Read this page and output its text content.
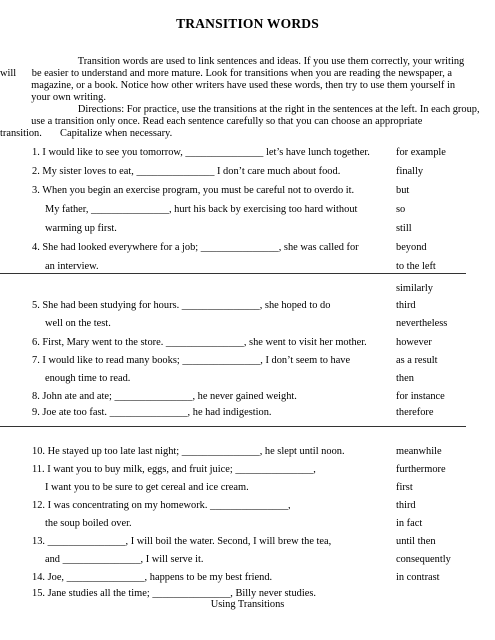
TRANSITION WORDS
Transition words are used to link sentences and ideas. If you use them correctly, your writing
will      be easier to understand and more mature. Look for transitions when you are reading the newspaper, a
magazine, or a book. Notice how other writers have used these words, then try to use them yourself in
your own writing.
Directions: For practice, use the transitions at the right in the sentences at the left. In each group,
use a transition only once. Read each sentence carefully so that you can choose an appropriate
transition.       Capitalize when necessary.
1. I would like to see you tomorrow, _______________ let’s have lunch together.
2. My sister loves to eat, _______________ I don’t care much about food.
3. When you begin an exercise program, you must be careful not to overdo it.
My father, _______________, hurt his back by exercising too hard without
warming up first.
4. She had looked everywhere for a job; _______________, she was called for
an interview.
for example
finally
but
so
still
beyond
to the left
5. She had been studying for hours. _______________, she hoped to do
well on the test.
6. First, Mary went to the store. _______________, she went to visit her mother.
7. I would like to read many books; _______________, I don’t seem to have
enough time to read.
8. John ate and ate; _______________, he never gained weight.
9. Joe ate too fast. _______________, he had indigestion.
similarly
third
nevertheless
however
as a result
then
for instance
therefore
10. He stayed up too late last night; _______________, he slept until noon.
11. I want you to buy milk, eggs, and fruit juice; _______________,
I want you to be sure to get cereal and ice cream.
12. I was concentrating on my homework. _______________,
the soup boiled over.
13. _______________, I will boil the water. Second, I will brew the tea,
and _______________, I will serve it.
14. Joe, _______________, happens to be my best friend.
15. Jane studies all the time; _______________, Billy never studies.
meanwhile
furthermore
first
third
in fact
until then
consequently
in contrast
Using Transitions
